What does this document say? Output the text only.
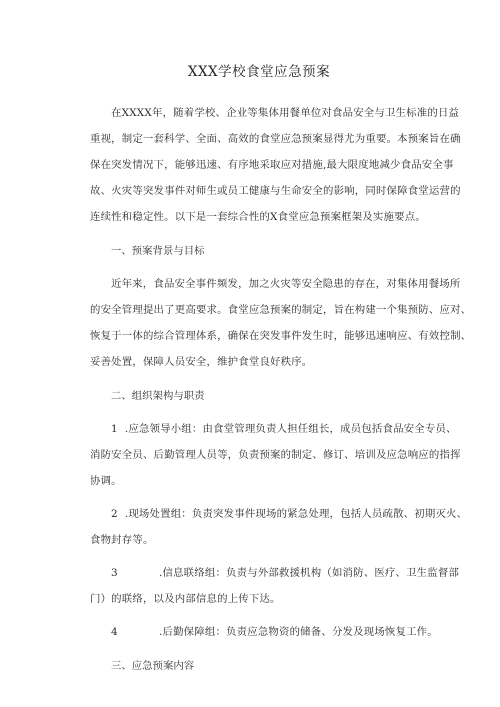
XXX学校食堂应急预案
在XXXX年，随着学校、企业等集体用餐单位对食品安全与卫生标准的日益
重视，制定一套科学、全面、高效的食堂应急预案显得尤为重要。本预案旨在确
保在突发情况下，能够迅速、有序地采取应对措施,最大限度地减少食品安全事
故、火灾等突发事件对师生或员工健康与生命安全的影响，同时保障食堂运营的
连续性和稳定性。以下是一套综合性的X食堂应急预案框架及实施要点。
一、预案背景与目标
近年来，食品安全事件频发，加之火灾等安全隐患的存在，对集体用餐场所
的安全管理提出了更高要求。食堂应急预案的制定，旨在构建一个集预防、应对、
恢复于一体的综合管理体系，确保在突发事件发生时，能够迅速响应、有效控制、
妥善处置，保障人员安全，维护食堂良好秩序。
二、组织架构与职责
1 .应急领导小组：由食堂管理负责人担任组长，成员包括食品安全专员、
消防安全员、后勤管理人员等，负责预案的制定、修订、培训及应急响应的指挥
协调。
2 .现场处置组：负责突发事件现场的紧急处理，包括人员疏散、初期灭火、
食物封存等。
3	.信息联络组：负责与外部救援机构（如消防、医疗、卫生监督部
门）的联络，以及内部信息的上传下达。
4	.后勤保障组：负责应急物资的储备、分发及现场恢复工作。
三、应急预案内容
